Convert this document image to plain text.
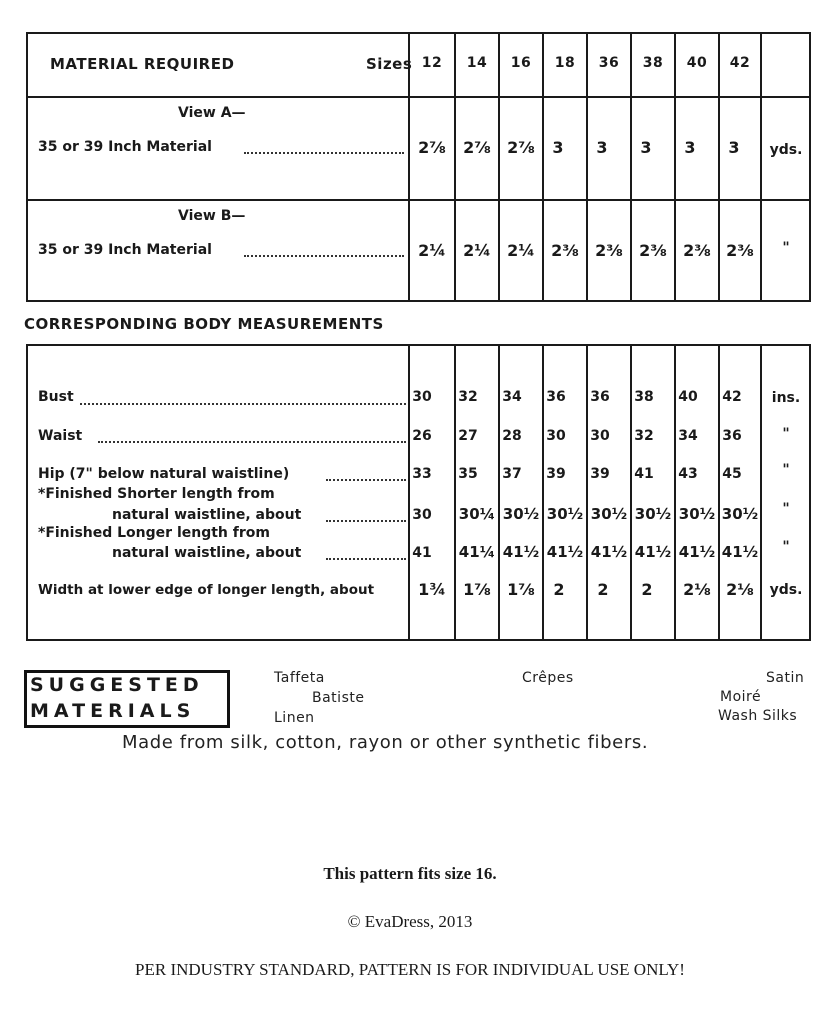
MATERIAL REQUIRED	Sizes 12	14	16	18	36	38	40	42
View A—
35 or 39 Inch Material	2⅞	2⅞	2⅞	3	3	3	3	3	yds.
View B—
35 or 39 Inch Material	2¼	2¼	2¼	2⅜	2⅜	2⅜	2⅜ 2⅜	"
CORRESPONDING BODY MEASUREMENTS
Bust	30 32 34 36 36 38 40 42	ins.
Waist	26 27 28 30 30 32 34 36	"
Hip (7" below natural waistline)	33 35 37 39 39 41 43 45	"
*Finished Shorter length from
natural waistline, about	30 30¼ 30½ 30½ 30½ 30½ 30½ 30½	"
*Finished Longer length from
natural waistline, about	41 41¼ 41½ 41½ 41½ 41½ 41½ 41½	"
Width at lower edge of longer length, about	1¾	1⅞	1⅞	2	2	2	2⅛ 2⅛	yds.
SUGGESTED
MATERIALS
Taffeta
Batiste
Linen
Crêpes	Satin
Moiré
Wash Silks
Made from silk, cotton, rayon or other synthetic fibers.
This pattern fits size 16.
© EvaDress, 2013
PER INDUSTRY STANDARD, PATTERN IS FOR INDIVIDUAL USE ONLY!
